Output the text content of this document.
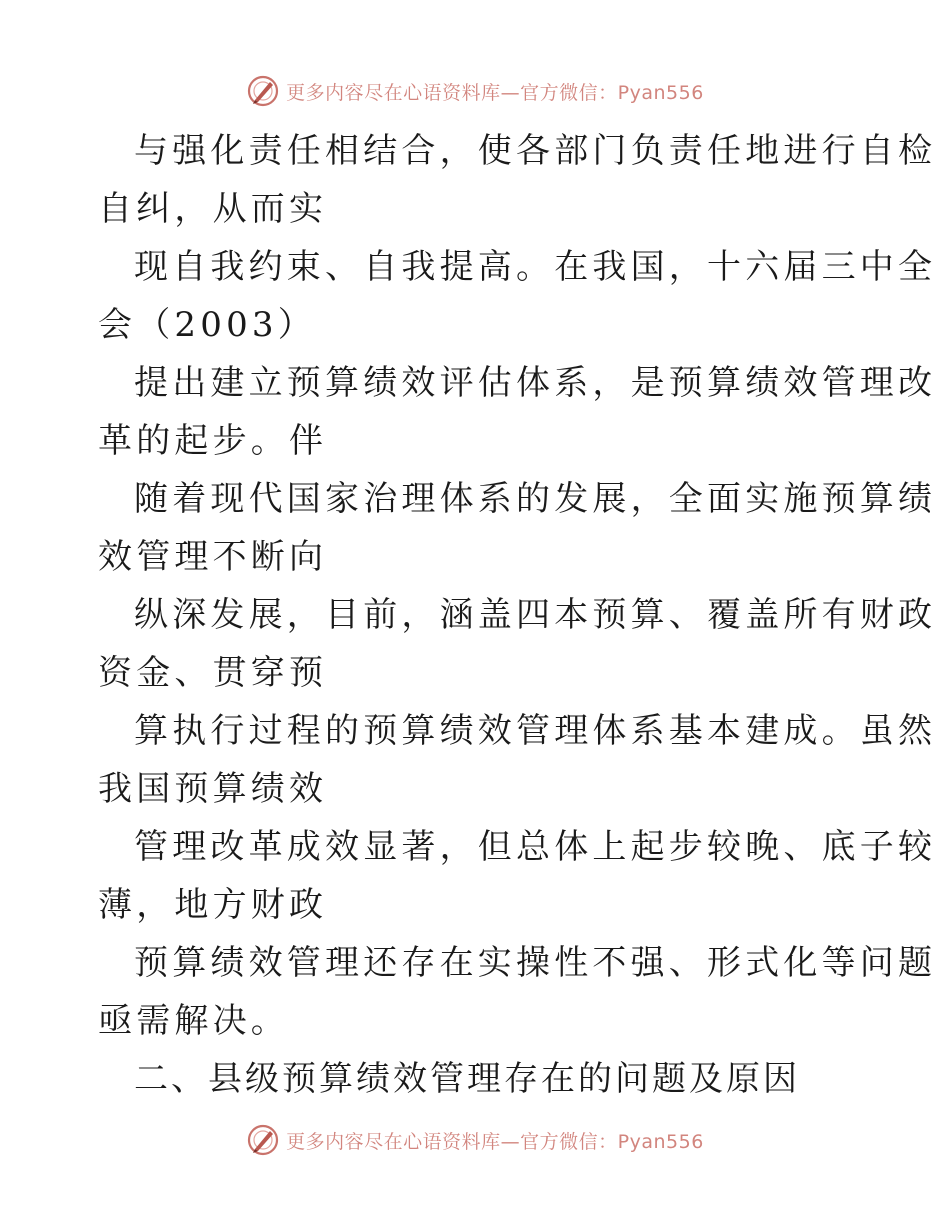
更多内容尽在心语资料库—官方微信：Pyan556

与强化责任相结合，使各部门负责任地进行自检

自纠，从而实

现自我约束、自我提高。在我国，十六届三中全

会（2003）

提出建立预算绩效评估体系，是预算绩效管理改

革的起步。伴

随着现代国家治理体系的发展，全面实施预算绩

效管理不断向

纵深发展，目前，涵盖四本预算、覆盖所有财政

资金、贯穿预

算执行过程的预算绩效管理体系基本建成。虽然

我国预算绩效

管理改革成效显著，但总体上起步较晚、底子较

薄，地方财政

预算绩效管理还存在实操性不强、形式化等问题

亟需解决。

二、县级预算绩效管理存在的问题及原因

更多内容尽在心语资料库—官方微信：Pyan556
